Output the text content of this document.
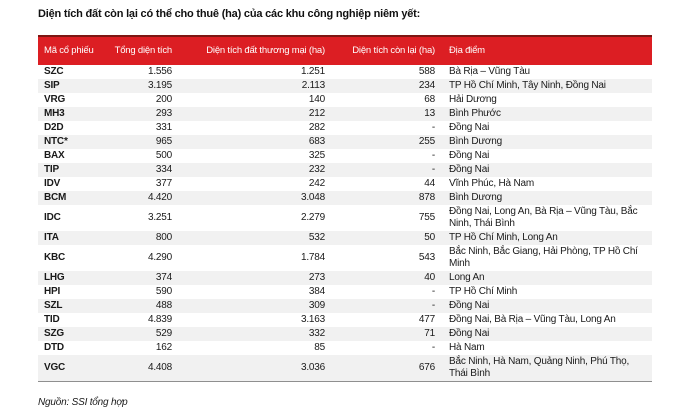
Diện tích đất còn lại có thể cho thuê (ha) của các khu công nghiệp niêm yết:
Mã cổ phiếu	Tổng diện tích	Diện tích đất thương mại (ha)	Diện tích còn lại (ha)	Địa điểm
SZC	1.556	1.251	588	Bà Rịa – Vũng Tàu
SIP	3.195	2.113	234	TP Hồ Chí Minh, Tây Ninh, Đồng Nai
VRG	200	140	68	Hải Dương
MH3	293	212	13	Bình Phước
D2D	331	282	-	Đồng Nai
NTC*	965	683	255	Bình Dương
BAX	500	325	-	Đồng Nai
TIP	334	232	-	Đồng Nai
IDV	377	242	44	Vĩnh Phúc, Hà Nam
BCM	4.420	3.048	878	Bình Dương
IDC	3.251	2.279	755	Đồng Nai, Long An, Bà Rịa – Vũng Tàu, Bắc Ninh, Thái Bình
ITA	800	532	50	TP Hồ Chí Minh, Long An
KBC	4.290	1.784	543	Bắc Ninh, Bắc Giang, Hải Phòng, TP Hồ Chí Minh
LHG	374	273	40	Long An
HPI	590	384	-	TP Hồ Chí Minh
SZL	488	309	-	Đồng Nai
TID	4.839	3.163	477	Đồng Nai, Bà Rịa – Vũng Tàu, Long An
SZG	529	332	71	Đồng Nai
DTD	162	85	-	Hà Nam
VGC	4.408	3.036	676	Bắc Ninh, Hà Nam, Quảng Ninh, Phú Thọ, Thái Bình
Nguồn: SSI tổng hợp
